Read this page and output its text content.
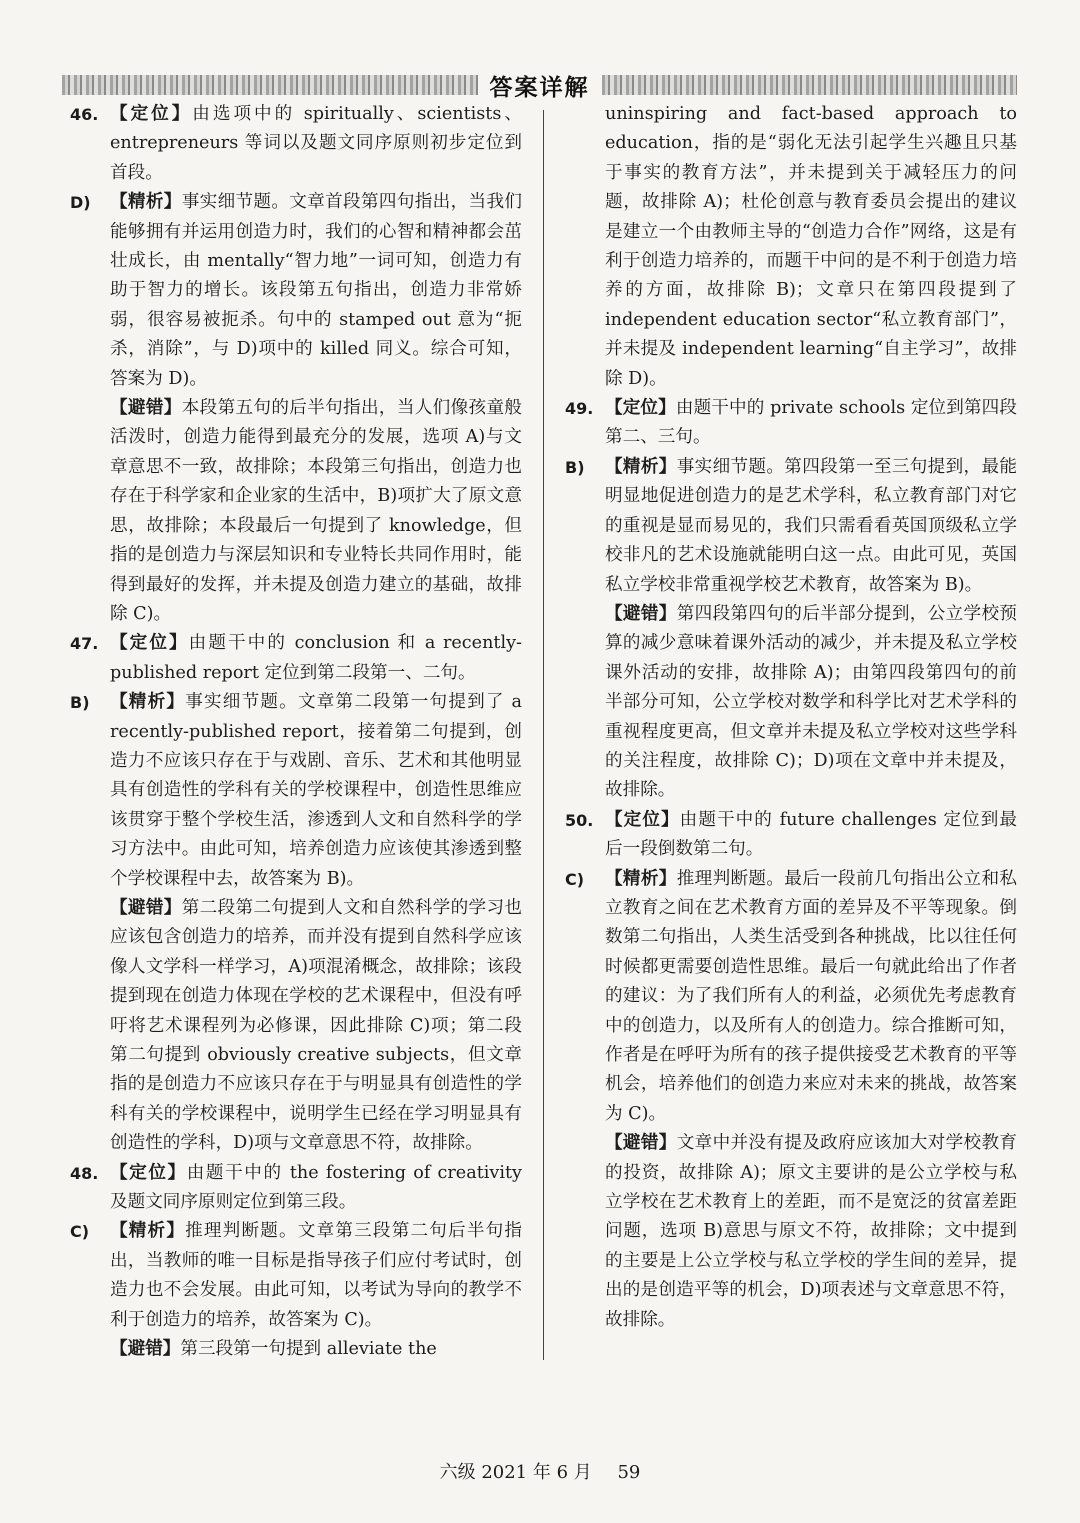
答案详解

46. 【定位】由选项中的 spiritually、scientists、entrepreneurs 等词以及题文同序原则初步定位到首段。

D) 【精析】事实细节题。文章首段第四句指出，当我们能够拥有并运用创造力时，我们的心智和精神都会茁壮成长，由 mentally“智力地”一词可知，创造力有助于智力的增长。该段第五句指出，创造力非常娇弱，很容易被扼杀。句中的 stamped out 意为“扼杀，消除”，与 D)项中的 killed 同义。综合可知，答案为 D)。

【避错】本段第五句的后半句指出，当人们像孩童般活泼时，创造力能得到最充分的发展，选项 A)与文章意思不一致，故排除；本段第三句指出，创造力也存在于科学家和企业家的生活中，B)项扩大了原文意思，故排除；本段最后一句提到了 knowledge，但指的是创造力与深层知识和专业特长共同作用时，能得到最好的发挥，并未提及创造力建立的基础，故排除 C)。

47. 【定位】由题干中的 conclusion 和 a recently-published report 定位到第二段第一、二句。

B) 【精析】事实细节题。文章第二段第一句提到了 a recently-published report，接着第二句提到，创造力不应该只存在于与戏剧、音乐、艺术和其他明显具有创造性的学科有关的学校课程中，创造性思维应该贯穿于整个学校生活，渗透到人文和自然科学的学习方法中。由此可知，培养创造力应该使其渗透到整个学校课程中去，故答案为 B)。

【避错】第二段第二句提到人文和自然科学的学习也应该包含创造力的培养，而并没有提到自然科学应该像人文学科一样学习，A)项混淆概念，故排除；该段提到现在创造力体现在学校的艺术课程中，但没有呼吁将艺术课程列为必修课，因此排除 C)项；第二段第二句提到 obviously creative subjects，但文章指的是创造力不应该只存在于与明显具有创造性的学科有关的学校课程中，说明学生已经在学习明显具有创造性的学科，D)项与文章意思不符，故排除。

48. 【定位】由题干中的 the fostering of creativity 及题文同序原则定位到第三段。

C) 【精析】推理判断题。文章第三段第二句后半句指出，当教师的唯一目标是指导孩子们应付考试时，创造力也不会发展。由此可知，以考试为导向的教学不利于创造力的培养，故答案为 C)。

【避错】第三段第一句提到 alleviate the

uninspiring and fact-based approach to education，指的是“弱化无法引起学生兴趣且只基于事实的教育方法”，并未提到关于减轻压力的问题，故排除 A)；杜伦创意与教育委员会提出的建议是建立一个由教师主导的“创造力合作”网络，这是有利于创造力培养的，而题干中问的是不利于创造力培养的方面，故排除 B)；文章只在第四段提到了 independent education sector“私立教育部门”，并未提及 independent learning“自主学习”，故排除 D)。

49. 【定位】由题干中的 private schools 定位到第四段第二、三句。

B) 【精析】事实细节题。第四段第一至三句提到，最能明显地促进创造力的是艺术学科，私立教育部门对它的重视是显而易见的，我们只需看看英国顶级私立学校非凡的艺术设施就能明白这一点。由此可见，英国私立学校非常重视学校艺术教育，故答案为 B)。

【避错】第四段第四句的后半部分提到，公立学校预算的减少意味着课外活动的减少，并未提及私立学校课外活动的安排，故排除 A)；由第四段第四句的前半部分可知，公立学校对数学和科学比对艺术学科的重视程度更高，但文章并未提及私立学校对这些学科的关注程度，故排除 C)；D)项在文章中并未提及，故排除。

50. 【定位】由题干中的 future challenges 定位到最后一段倒数第二句。

C) 【精析】推理判断题。最后一段前几句指出公立和私立教育之间在艺术教育方面的差异及不平等现象。倒数第二句指出，人类生活受到各种挑战，比以往任何时候都更需要创造性思维。最后一句就此给出了作者的建议：为了我们所有人的利益，必须优先考虑教育中的创造力，以及所有人的创造力。综合推断可知，作者是在呼吁为所有的孩子提供接受艺术教育的平等机会，培养他们的创造力来应对未来的挑战，故答案为 C)。

【避错】文章中并没有提及政府应该加大对学校教育的投资，故排除 A)；原文主要讲的是公立学校与私立学校在艺术教育上的差距，而不是宽泛的贫富差距问题，选项 B)意思与原文不符，故排除；文中提到的主要是上公立学校与私立学校的学生间的差异，提出的是创造平等的机会，D)项表述与文章意思不符，故排除。

六级 2021 年 6 月 59
